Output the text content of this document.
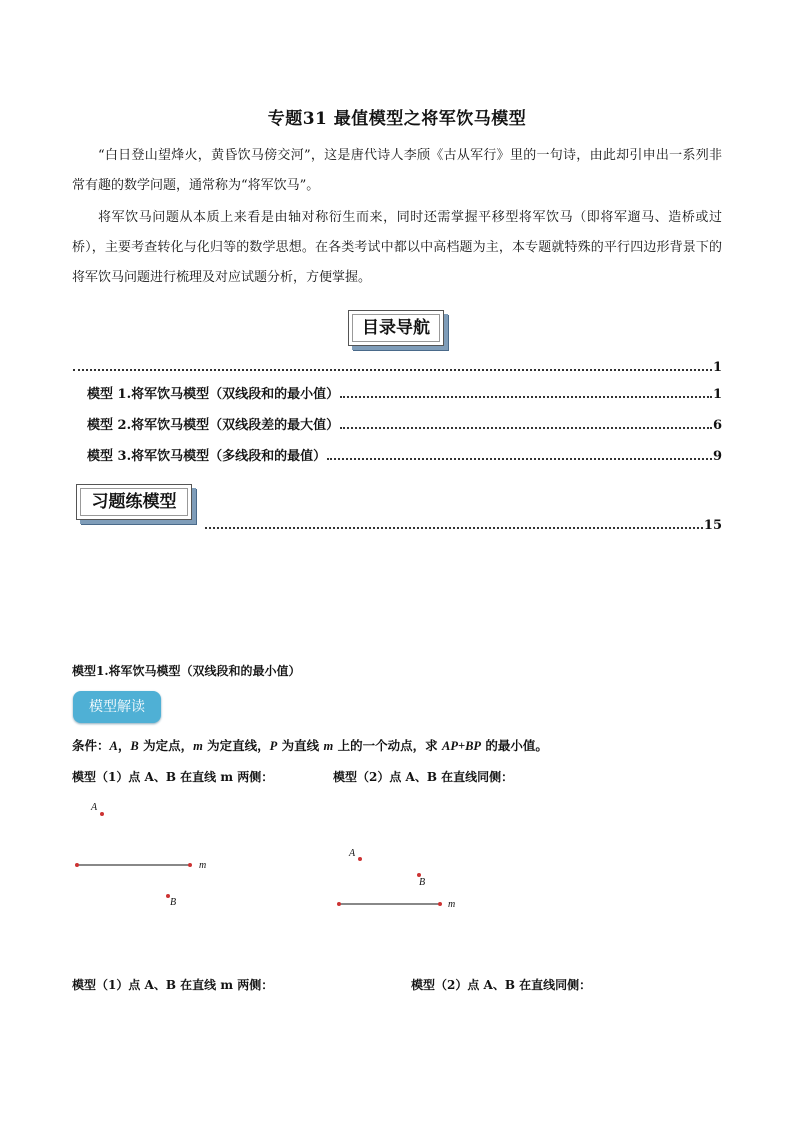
专题31 最值模型之将军饮马模型
“白日登山望烽火，黄昏饮马傍交河”，这是唐代诗人李颀《古从军行》里的一句诗，由此却引申出一系列非常有趣的数学问题，通常称为“将军饮马”。
将军饮马问题从本质上来看是由轴对称衍生而来，同时还需掌握平移型将军饮马（即将军遛马、造桥或过桥），主要考查转化与化归等的数学思想。在各类考试中都以中高档题为主，本专题就特殊的平行四边形背景下的将军饮马问题进行梳理及对应试题分析，方便掌握。
目录导航
1
模型 1.将军饮马模型（双线段和的最小值）	1
模型 2.将军饮马模型（双线段差的最大值）	6
模型 3.将军饮马模型（多线段和的最值）	9
习题练模型
15
模型1.将军饮马模型（双线段和的最小值）
模型解读
条件：A，B 为定点，m 为定直线，P 为直线 m 上的一个动点，求 AP+BP 的最小值。
模型（1）点 A、B 在直线 m 两侧：	模型（2）点 A、B 在直线同侧：
A
B
m
A
B
m
模型（1）点 A、B 在直线 m 两侧：	模型（2）点 A、B 在直线同侧：
